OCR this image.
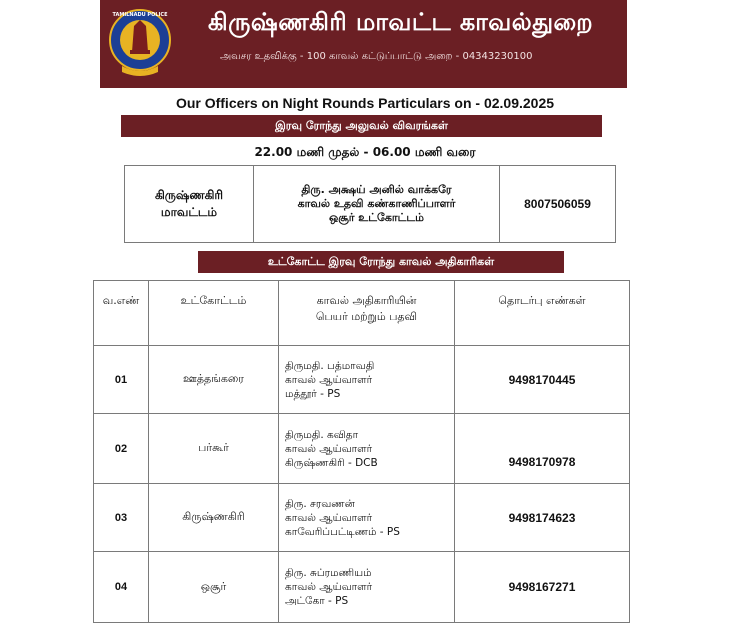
TAMILNADU POLICE	கிருஷ்ணகிரி மாவட்ட காவல்துறை
அவசர உதவிக்கு - 100 காவல் கட்டுப்பாட்டு அறை - 04343230100
Our Officers on Night Rounds Particulars on - 02.09.2025
இரவு ரோந்து அலுவல் விவரங்கள்
22.00 மணி முதல் - 06.00 மணி வரை
கிருஷ்ணகிரி
மாவட்டம்

திரு. அக்ஷய் அனில் வாக்கரே
காவல் உதவி கண்காணிப்பாளர்
ஒசூர் உட்கோட்டம்
	8007506059
உட்கோட்ட இரவு ரோந்து காவல் அதிகாரிகள்
வ.எண்	உட்கோட்டம்	காவல் அதிகாரியின்
பெயர் மற்றும் பதவி	தொடர்பு எண்கள்
01	ஊத்தங்கரை	திருமதி. பத்மாவதி
காவல் ஆய்வாளர்
மத்தூர் - PS	9498170445
02	பர்கூர்	திருமதி. கவிதா
காவல் ஆய்வாளர்
கிருஷ்ணகிரி - DCB	9498170978
03	கிருஷ்ணகிரி	திரு. சரவணன்
காவல் ஆய்வாளர்
காவேரிப்பட்டிணம் - PS	9498174623
04	ஒசூர்	திரு. சுப்ரமணியம்
காவல் ஆய்வாளர்
அட்கோ - PS	9498167271
